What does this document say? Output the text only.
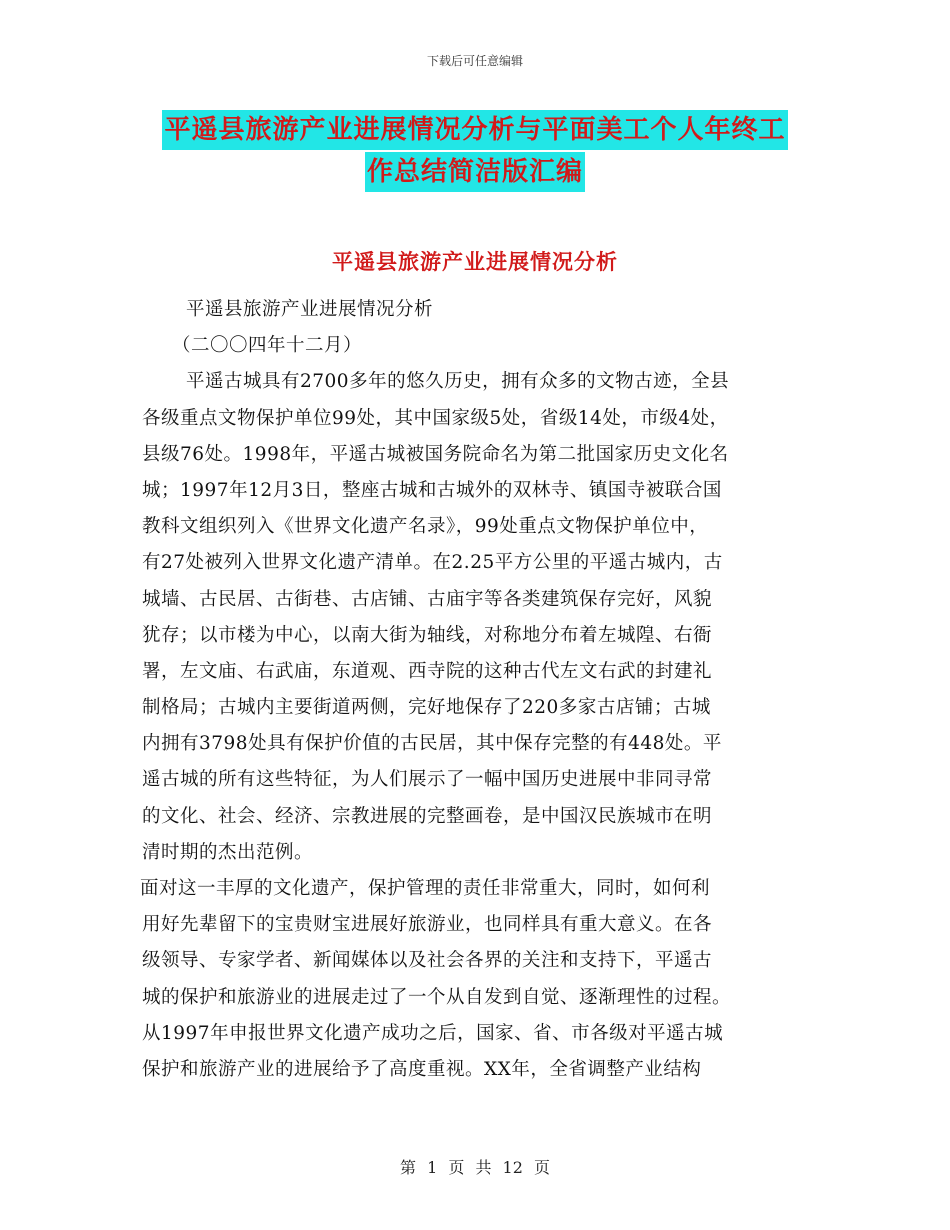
下载后可任意编辑
平遥县旅游产业进展情况分析与平面美工个人年终工
作总结简洁版汇编
平遥县旅游产业进展情况分析
平遥县旅游产业进展情况分析
（二〇〇四年十二月）
平遥古城具有2700多年的悠久历史，拥有众多的文物古迹，全县
各级重点文物保护单位99处，其中国家级5处，省级14处，市级4处，
县级76处。1998年，平遥古城被国务院命名为第二批国家历史文化名
城；1997年12月3日，整座古城和古城外的双林寺、镇国寺被联合国
教科文组织列入《世界文化遗产名录》，99处重点文物保护单位中，
有27处被列入世界文化遗产清单。在2.25平方公里的平遥古城内，古
城墙、古民居、古街巷、古店铺、古庙宇等各类建筑保存完好，风貌
犹存；以市楼为中心，以南大街为轴线，对称地分布着左城隍、右衙
署，左文庙、右武庙，东道观、西寺院的这种古代左文右武的封建礼
制格局；古城内主要街道两侧，完好地保存了220多家古店铺；古城
内拥有3798处具有保护价值的古民居，其中保存完整的有448处。平
遥古城的所有这些特征，为人们展示了一幅中国历史进展中非同寻常
的文化、社会、经济、宗教进展的完整画卷，是中国汉民族城市在明
清时期的杰出范例。
面对这一丰厚的文化遗产，保护管理的责任非常重大，同时，如何利
用好先辈留下的宝贵财宝进展好旅游业，也同样具有重大意义。在各
级领导、专家学者、新闻媒体以及社会各界的关注和支持下，平遥古
城的保护和旅游业的进展走过了一个从自发到自觉、逐渐理性的过程。
从1997年申报世界文化遗产成功之后，国家、省、市各级对平遥古城
保护和旅游产业的进展给予了高度重视。XX年，全省调整产业结构
第 1 页 共 12 页
